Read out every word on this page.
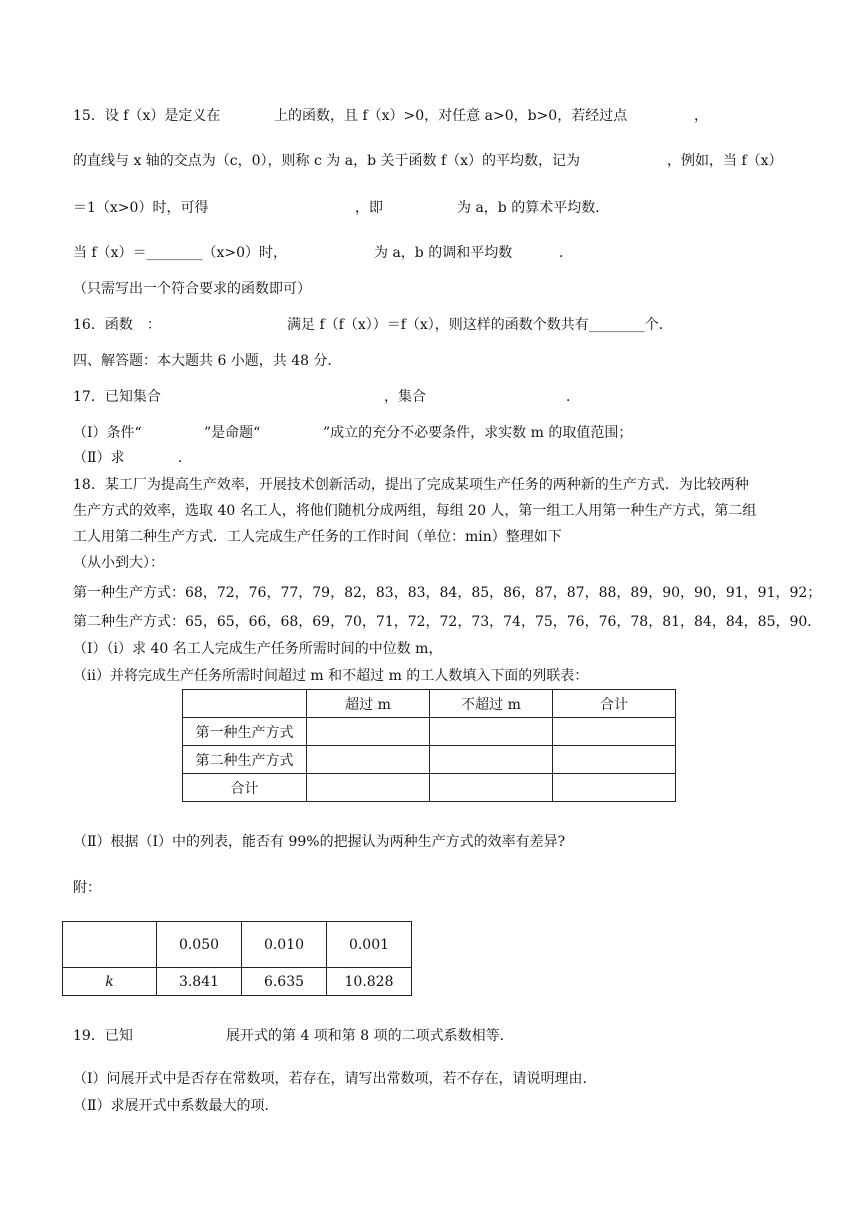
15．设 f（x）是定义在	上的函数，且 f（x）>0，对任意 a>0，b>0，若经过点	，
的直线与 x 轴的交点为（c，0），则称 c 为 a，b 关于函数 f（x）的平均数，记为	，例如，当 f（x）
＝1（x>0）时，可得	，即	为 a，b 的算术平均数．
当 f（x）＝________（x>0）时，	为 a，b 的调和平均数	．
（只需写出一个符合要求的函数即可）
16．函数　：	满足 f（f（x））＝f（x），则这样的函数个数共有________个．
四、解答题：本大题共 6 小题，共 48 分．
17．已知集合	，集合	．
（Ⅰ）条件“	”是命题“	”成立的充分不必要条件，求实数 m 的取值范围；
（Ⅱ）求	．
18．某工厂为提高生产效率，开展技术创新活动，提出了完成某项生产任务的两种新的生产方式．为比较两种
生产方式的效率，选取 40 名工人，将他们随机分成两组，每组 20 人，第一组工人用第一种生产方式，第二组
工人用第二种生产方式．工人完成生产任务的工作时间（单位：min）整理如下
（从小到大）：
第一种生产方式：68，72，76，77，79，82，83，83，84，85，86，87，87，88，89，90，90，91，91，92；
第二种生产方式：65，65，66，68，69，70，71，72，72，73，74，75，76，76，78，81，84，84，85，90．
（Ⅰ）（ⅰ）求 40 名工人完成生产任务所需时间的中位数 m，
（ⅱ）并将完成生产任务所需时间超过 m 和不超过 m 的工人数填入下面的列联表：
	超过 m	不超过 m	合计
第一种生产方式			
第二种生产方式			
合计			
（Ⅱ）根据（Ⅰ）中的列表，能否有 99%的把握认为两种生产方式的效率有差异?
附：
	0.050	0.010	0.001
k	3.841	6.635	10.828
19．已知	展开式的第 4 项和第 8 项的二项式系数相等．
（Ⅰ）问展开式中是否存在常数项，若存在，请写出常数项，若不存在，请说明理由．
（Ⅱ）求展开式中系数最大的项．
